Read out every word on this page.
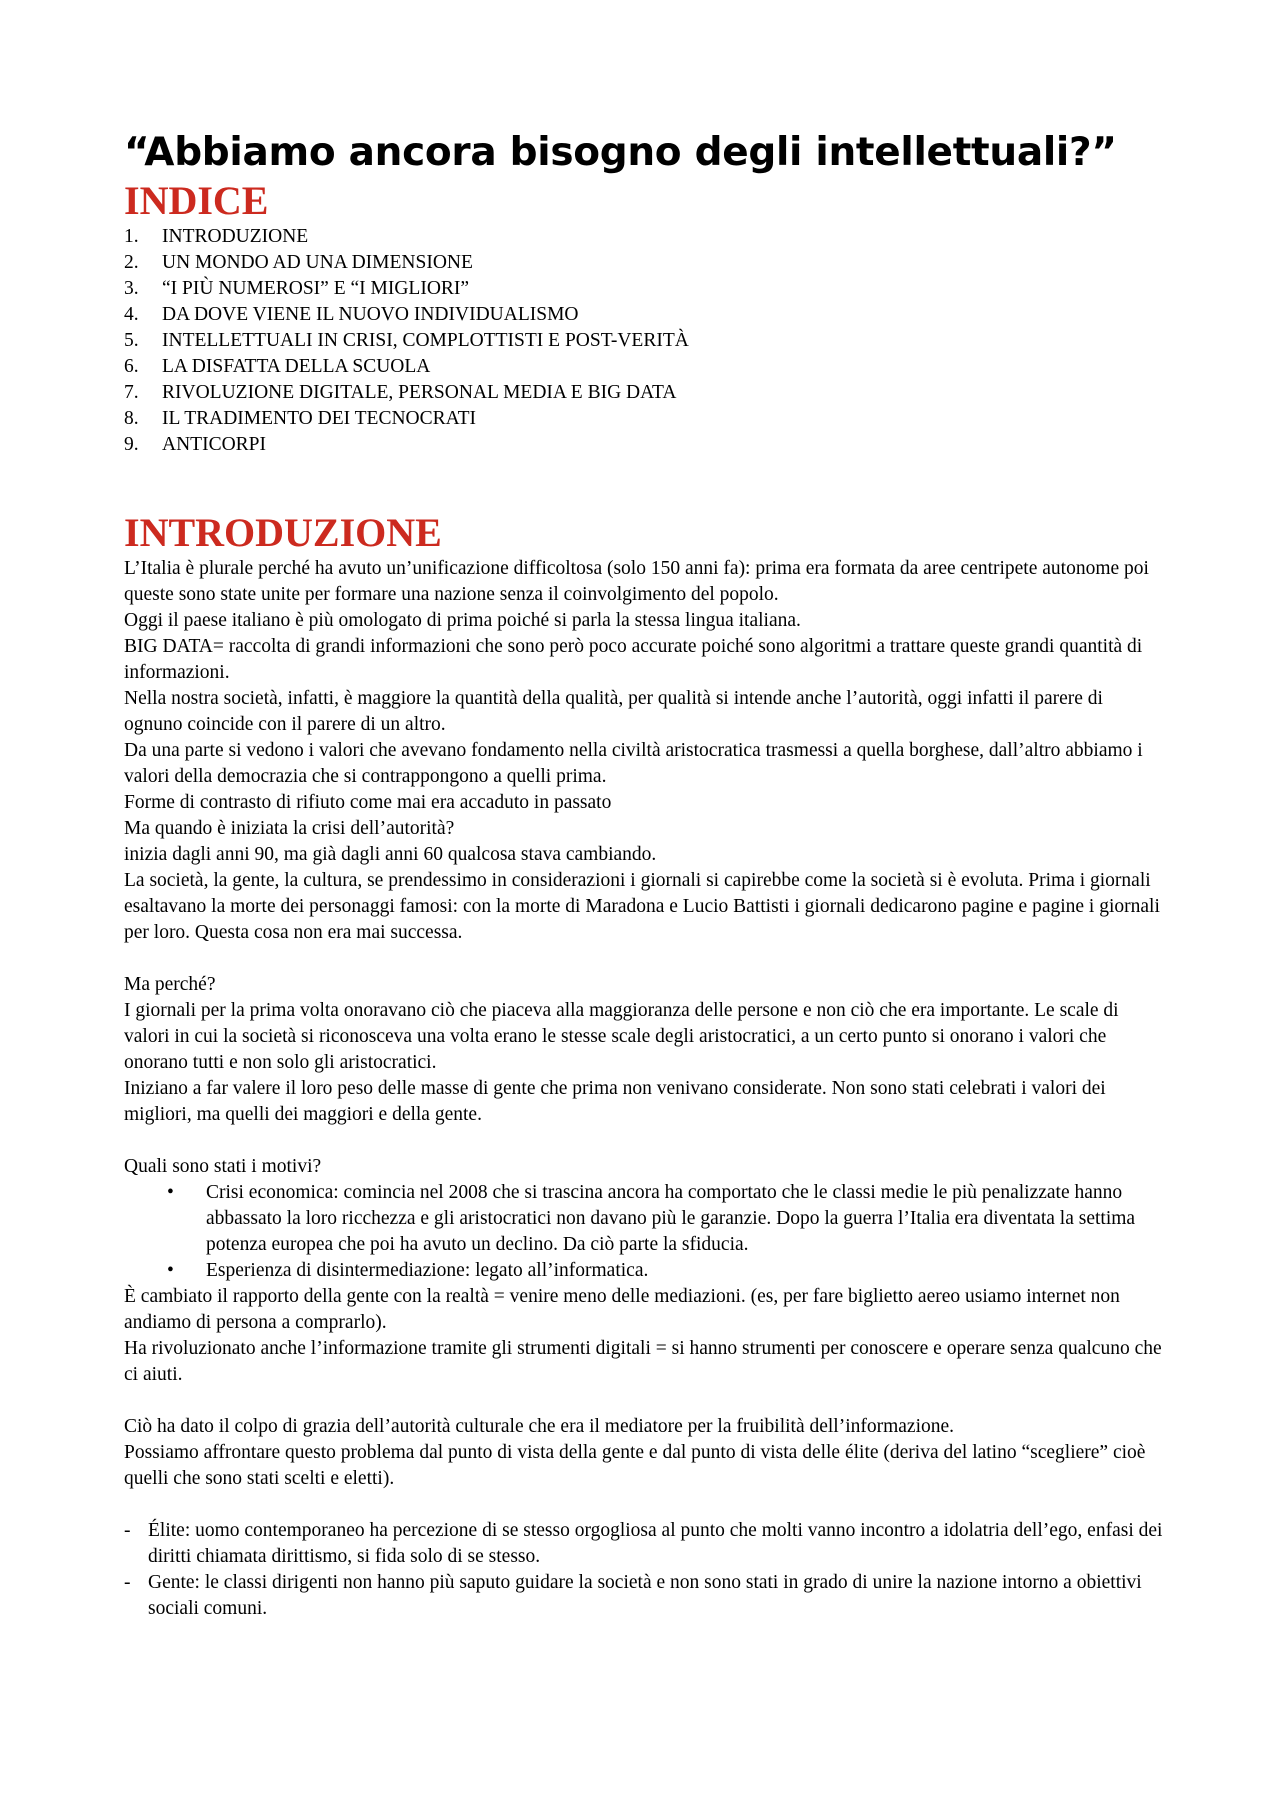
“Abbiamo ancora bisogno degli intellettuali?”
INDICE
1.	INTRODUZIONE
2.	UN MONDO AD UNA DIMENSIONE
3.	“I PIÙ NUMEROSI” E “I MIGLIORI”
4.	DA DOVE VIENE IL NUOVO INDIVIDUALISMO
5.	INTELLETTUALI IN CRISI, COMPLOTTISTI E POST-VERITÀ
6.	LA DISFATTA DELLA SCUOLA
7.	RIVOLUZIONE DIGITALE, PERSONAL MEDIA E BIG DATA
8.	IL TRADIMENTO DEI TECNOCRATI
9.	ANTICORPI
INTRODUZIONE

L’Italia è plurale perché ha avuto un’unificazione difficoltosa (solo 150 anni fa): prima era formata da aree centripete autonome poi queste sono state unite per formare una nazione senza il coinvolgimento del popolo.

Oggi il paese italiano è più omologato di prima poiché si parla la stessa lingua italiana.

BIG DATA= raccolta di grandi informazioni che sono però poco accurate poiché sono algoritmi a trattare queste grandi quantità di informazioni.

Nella nostra società, infatti, è maggiore la quantità della qualità, per qualità si intende anche l’autorità, oggi infatti il parere di ognuno coincide con il parere di un altro.

Da una parte si vedono i valori che avevano fondamento nella civiltà aristocratica trasmessi a quella borghese, dall’altro abbiamo i valori della democrazia che si contrappongono a quelli prima.

Forme di contrasto di rifiuto come mai era accaduto in passato

Ma quando è iniziata la crisi dell’autorità?

inizia dagli anni 90, ma già dagli anni 60 qualcosa stava cambiando.

La società, la gente, la cultura, se prendessimo in considerazioni i giornali si capirebbe come la società si è evoluta. Prima i giornali esaltavano la morte dei personaggi famosi: con la morte di Maradona e Lucio Battisti i giornali dedicarono pagine e pagine i giornali per loro. Questa cosa non era mai successa.

Ma perché?

I giornali per la prima volta onoravano ciò che piaceva alla maggioranza delle persone e non ciò che era importante. Le scale di valori in cui la società si riconosceva una volta erano le stesse scale degli aristocratici, a un certo punto si onorano i valori che onorano tutti e non solo gli aristocratici.

Iniziano a far valere il loro peso delle masse di gente che prima non venivano considerate. Non sono stati celebrati i valori dei migliori, ma quelli dei maggiori e della gente.

Quali sono stati i motivi?

•	Crisi economica: comincia nel 2008 che si trascina ancora ha comportato che le classi medie le più penalizzate hanno abbassato la loro ricchezza e gli aristocratici non davano più le garanzie. Dopo la guerra l’Italia era diventata la settima potenza europea che poi ha avuto un declino. Da ciò parte la sfiducia.
•	Esperienza di disintermediazione: legato all’informatica.

È cambiato il rapporto della gente con la realtà = venire meno delle mediazioni. (es, per fare biglietto aereo usiamo internet non andiamo di persona a comprarlo).

Ha rivoluzionato anche l’informazione tramite gli strumenti digitali = si hanno strumenti per conoscere e operare senza qualcuno che ci aiuti.

Ciò ha dato il colpo di grazia dell’autorità culturale che era il mediatore per la fruibilità dell’informazione.

Possiamo affrontare questo problema dal punto di vista della gente e dal punto di vista delle élite (deriva del latino “scegliere” cioè quelli che sono stati scelti e eletti).

- Élite: uomo contemporaneo ha percezione di se stesso orgogliosa al punto che molti vanno incontro a idolatria dell’ego, enfasi dei diritti chiamata dirittismo, si fida solo di se stesso.
- Gente: le classi dirigenti non hanno più saputo guidare la società e non sono stati in grado di unire la nazione intorno a obiettivi sociali comuni.
